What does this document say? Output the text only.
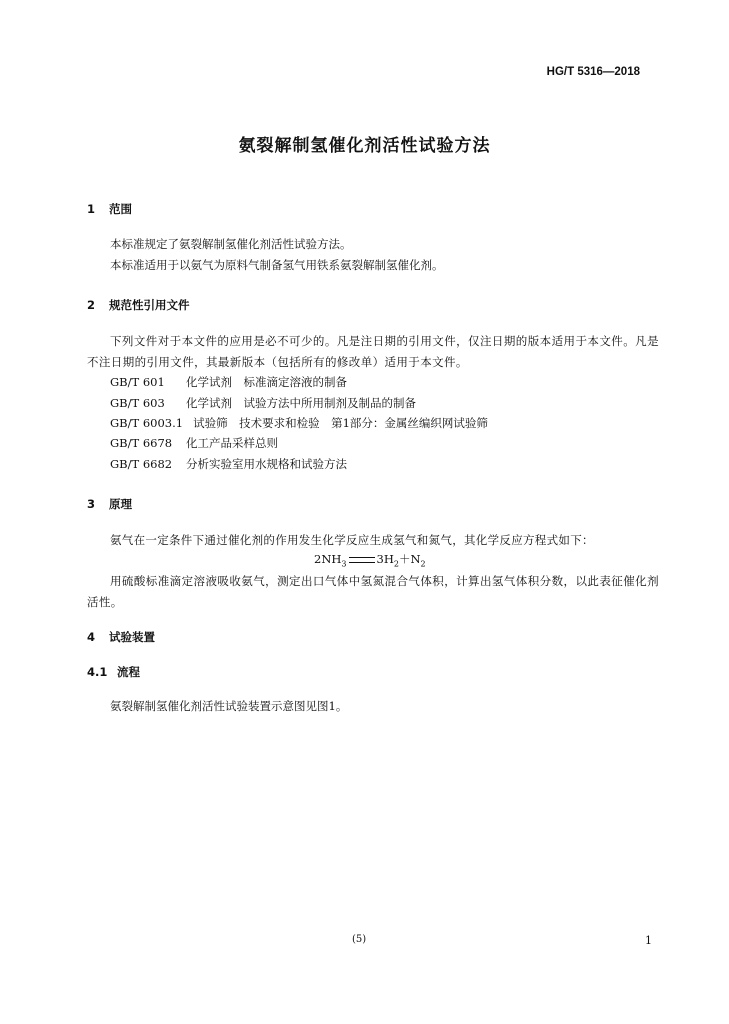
HG/T 5316—2018
氨裂解制氢催化剂活性试验方法
1 范围
本标准规定了氨裂解制氢催化剂活性试验方法。
本标准适用于以氨气为原料气制备氢气用铁系氨裂解制氢催化剂。
2 规范性引用文件
下列文件对于本文件的应用是必不可少的。凡是注日期的引用文件，仅注日期的版本适用于本文件。凡是不注日期的引用文件，其最新版本（包括所有的修改单）适用于本文件。
GB/T 601 化学试剂　标准滴定溶液的制备
GB/T 603 化学试剂　试验方法中所用制剂及制品的制备
GB/T 6003.1 试验筛　技术要求和检验　第1部分：金属丝编织网试验筛
GB/T 6678 化工产品采样总则
GB/T 6682 分析实验室用水规格和试验方法
3 原理
氨气在一定条件下通过催化剂的作用发生化学反应生成氢气和氮气，其化学反应方程式如下：
$2NH_3$	$3H_2+N_2$
用硫酸标准滴定溶液吸收氨气，测定出口气体中氢氮混合气体积，计算出氢气体积分数，以此表征催化剂活性。
4 试验装置
4.1 流程
氨裂解制氢催化剂活性试验装置示意图见图1。
(5)	1
